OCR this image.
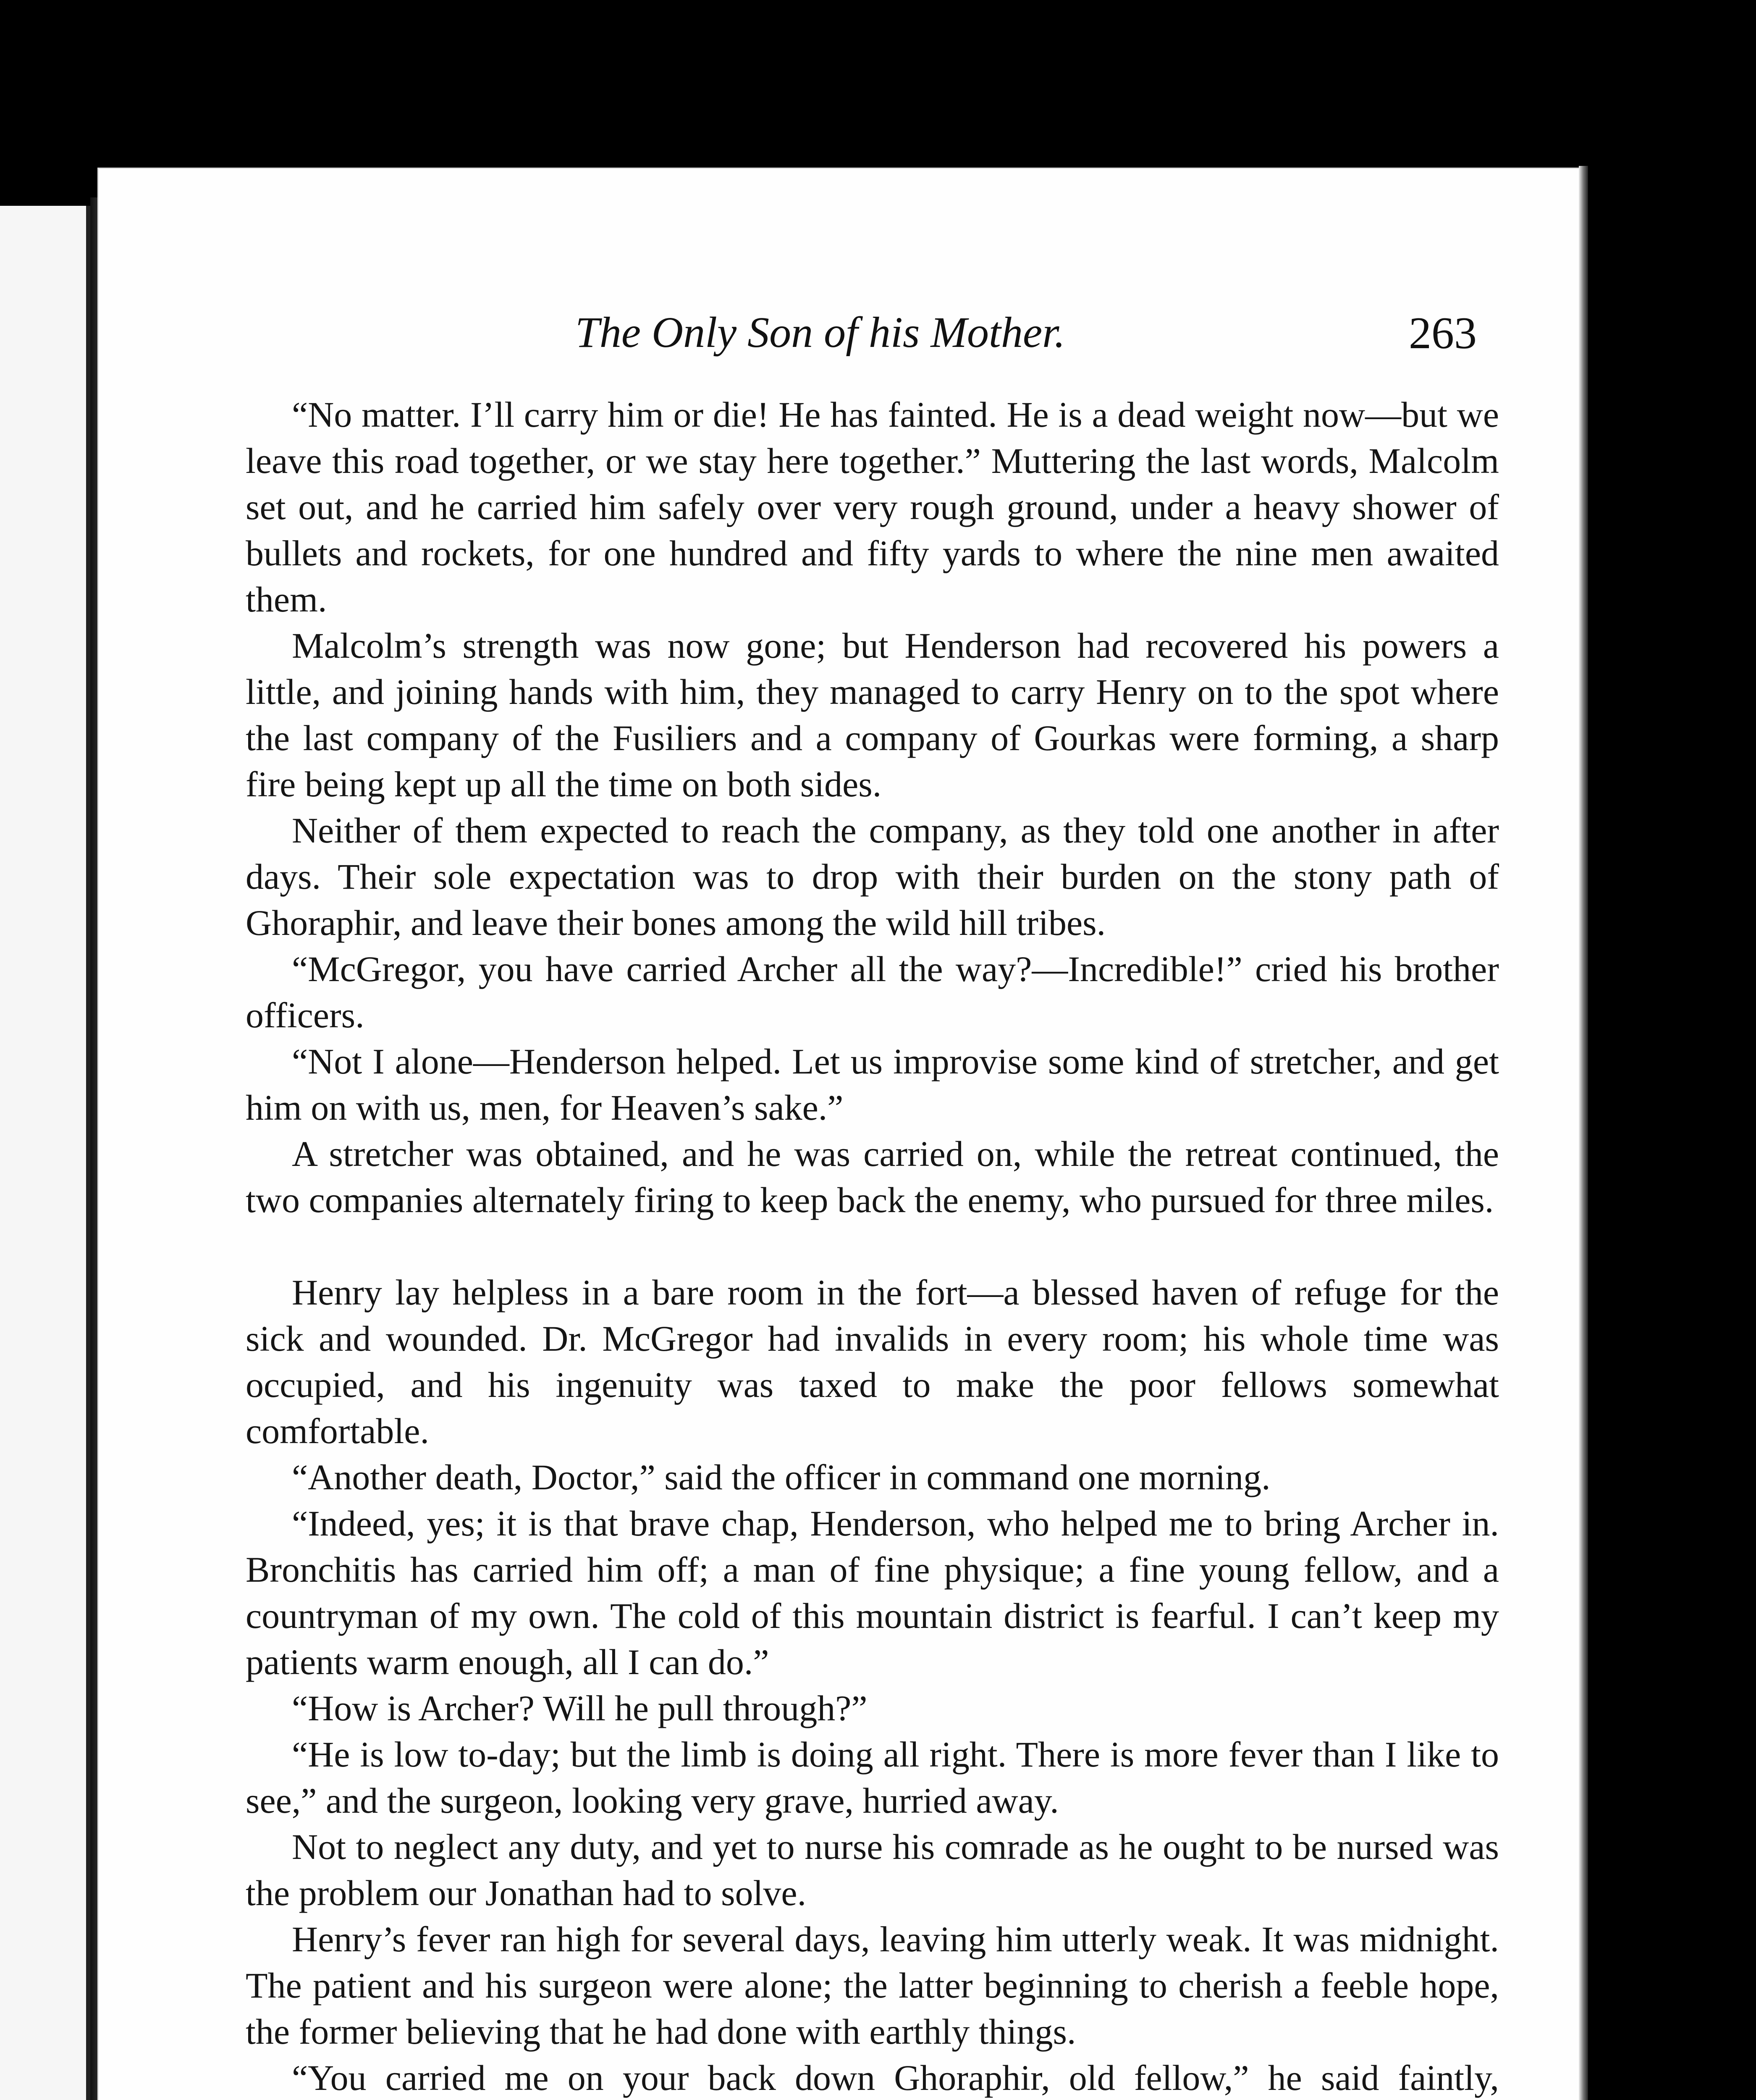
The Only Son of his Mother.	263

“No matter. I’ll carry him or die! He has fainted. He is a dead weight now—but we leave this road together, or we stay here together.” Muttering the last words, Malcolm set out, and he carried him safely over very rough ground, under a heavy shower of bullets and rockets, for one hundred and fifty yards to where the nine men awaited them.

Malcolm’s strength was now gone; but Henderson had recovered his powers a little, and joining hands with him, they managed to carry Henry on to the spot where the last company of the Fusiliers and a company of Gourkas were forming, a sharp fire being kept up all the time on both sides.

Neither of them expected to reach the company, as they told one another in after days. Their sole expectation was to drop with their burden on the stony path of Ghoraphir, and leave their bones among the wild hill tribes.

“McGregor, you have carried Archer all the way?—Incredible!” cried his brother officers.

“Not I alone—Henderson helped. Let us improvise some kind of stretcher, and get him on with us, men, for Heaven’s sake.”

A stretcher was obtained, and he was carried on, while the retreat continued, the two companies alternately firing to keep back the enemy, who pursued for three miles.

Henry lay helpless in a bare room in the fort—a blessed haven of refuge for the sick and wounded. Dr. McGregor had invalids in every room; his whole time was occupied, and his ingenuity was taxed to make the poor fellows somewhat comfortable.

“Another death, Doctor,” said the officer in command one morning.

“Indeed, yes; it is that brave chap, Henderson, who helped me to bring Archer in. Bronchitis has carried him off; a man of fine physique; a fine young fellow, and a countryman of my own. The cold of this mountain district is fearful. I can’t keep my patients warm enough, all I can do.”

“How is Archer? Will he pull through?”

“He is low to-day; but the limb is doing all right. There is more fever than I like to see,” and the surgeon, looking very grave, hurried away.

Not to neglect any duty, and yet to nurse his comrade as he ought to be nursed was the problem our Jonathan had to solve.

Henry’s fever ran high for several days, leaving him utterly weak. It was midnight. The patient and his surgeon were alone; the latter beginning to cherish a feeble hope, the former believing that he had done with earthly things.

“You carried me on your back down Ghoraphir, old fellow,” he said faintly,
